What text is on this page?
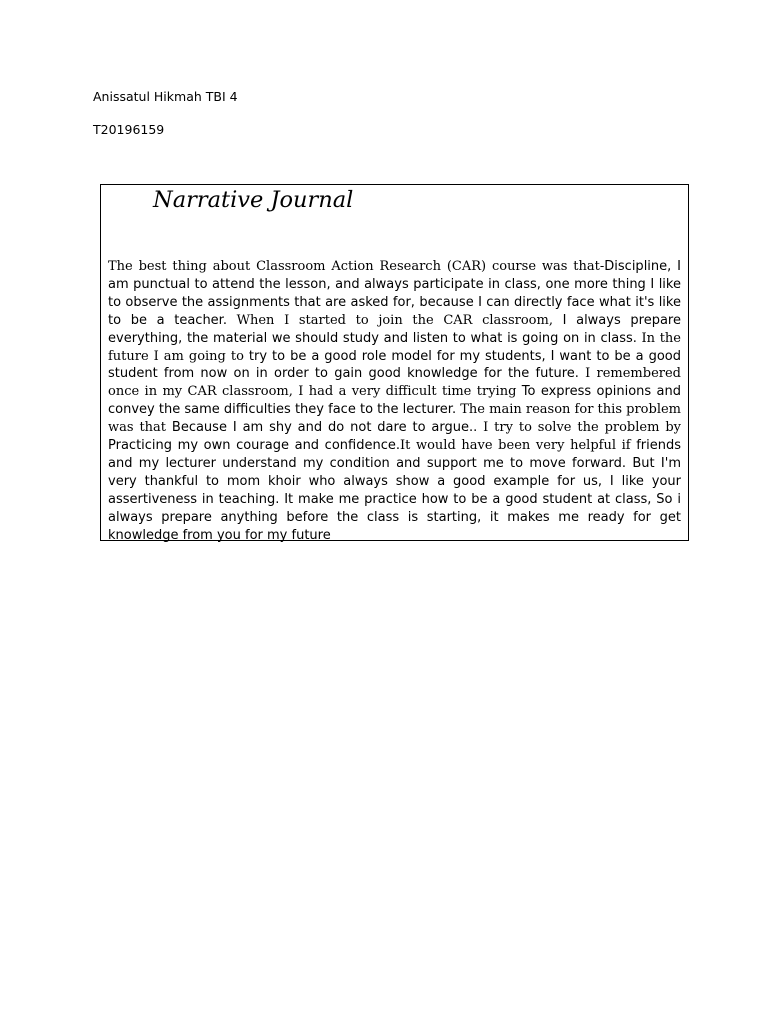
Anissatul Hikmah TBI 4
T20196159
Narrative Journal

The best thing about Classroom Action Research (CAR) course was that-Discipline, I am punctual to attend the lesson, and always participate in class, one more thing I like to observe the assignments that are asked for, because I can directly face what it's like to be a teacher. When I started to join the CAR classroom, I always prepare everything, the material we should study and listen to what is going on in class. In the future I am going to try to be a good role model for my students, I want to be a good student from now on in order to gain good knowledge for the future. I remembered once in my CAR classroom, I had a very difficult time trying To express opinions and convey the same difficulties they face to the lecturer. The main reason for this problem was that Because I am shy and do not dare to argue.. I try to solve the problem by Practicing my own courage and confidence.It would have been very helpful if friends and my lecturer understand my condition and support me to move forward. But I'm very thankful to mom khoir who always show a good example for us, I like your assertiveness in teaching. It make me practice how to be a good student at class, So i always prepare anything before the class is starting, it makes me ready for get knowledge from you for my future
